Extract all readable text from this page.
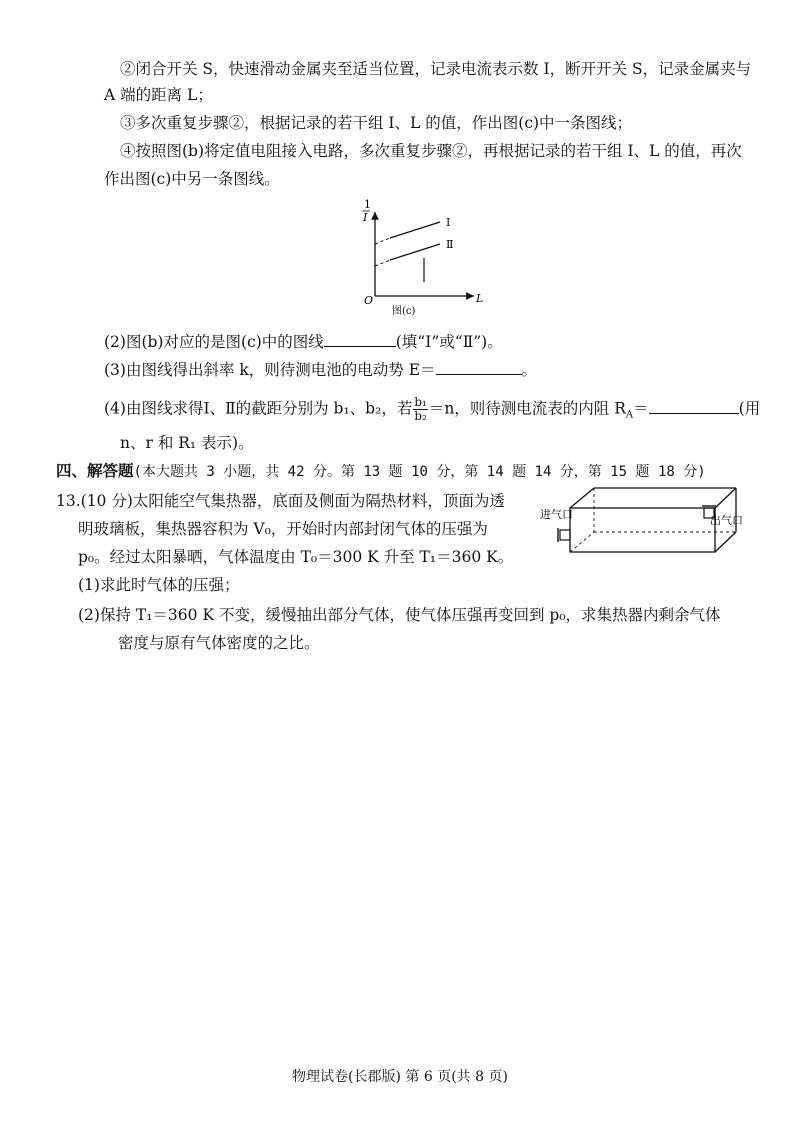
②闭合开关 S，快速滑动金属夹至适当位置，记录电流表示数 I，断开开关 S，记录金属夹与
A 端的距离 L；
③多次重复步骤②，根据记录的若干组 I、L 的值，作出图(c)中一条图线；
④按照图(b)将定值电阻接入电路，多次重复步骤②，再根据记录的若干组 I、L 的值，再次
作出图(c)中另一条图线。
1
I
O	L
Ⅰ
Ⅱ
图(c)
(2)图(b)对应的是图(c)中的图线	(填“Ⅰ”或“Ⅱ”)。
(3)由图线得出斜率 k，则待测电池的电动势 E＝	。
(4)由图线求得Ⅰ、Ⅱ的截距分别为 b₁、b₂，若 $\frac{\text{b₁}}{\text{b₂}} =n$，则待测电流表的内阻 $R_A=$	(用
n、r 和 R₁ 表示)。
四、解答题(本大题共 3 小题，共 42 分。第 13 题 10 分，第 14 题 14 分，第 15 题 18 分)
13.(10 分)太阳能空气集热器，底面及侧面为隔热材料，顶面为透
明玻璃板，集热器容积为 V₀，开始时内部封闭气体的压强为
p₀。经过太阳暴晒，气体温度由 T₀＝300 K 升至 T₁＝360 K。
(1)求此时气体的压强；
(2)保持 T₁＝360 K 不变，缓慢抽出部分气体，使气体压强再变回到 p₀，求集热器内剩余气体
密度与原有气体密度的之比。
进气口	出气口
物理试卷(长郡版) 第 6 页(共 8 页)
